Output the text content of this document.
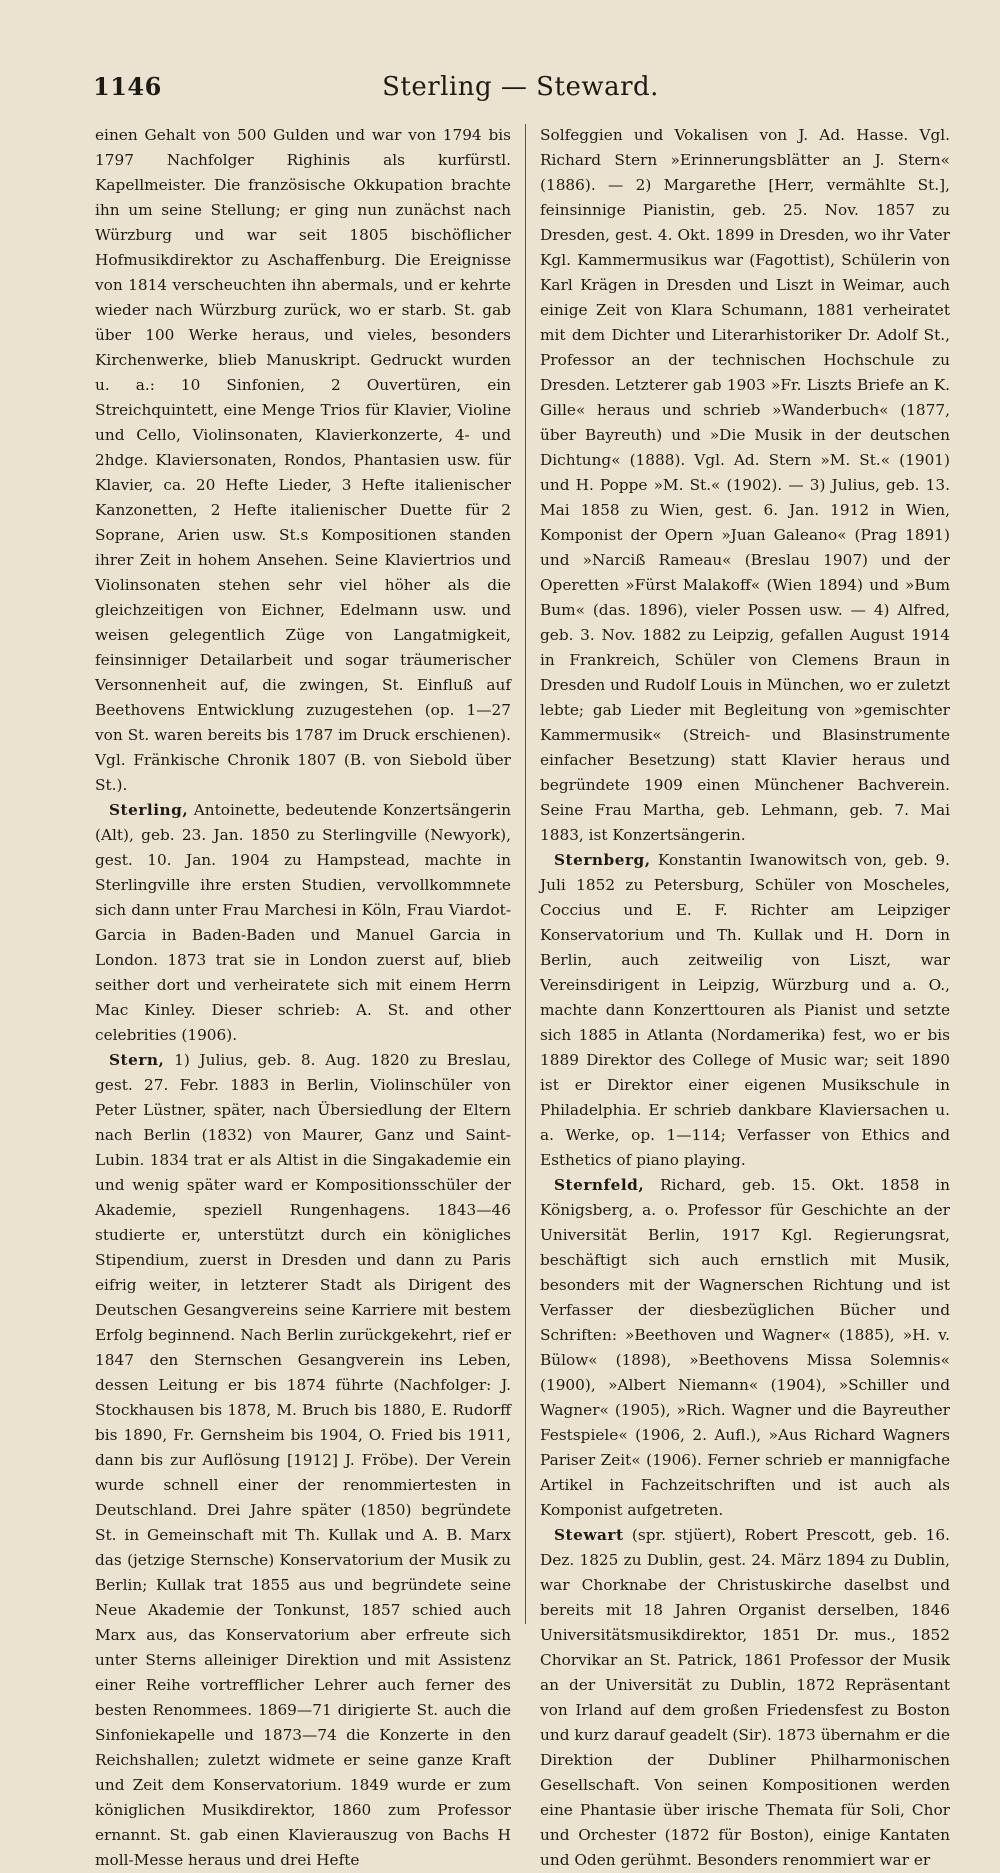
1146	Sterling — Steward.

einen Gehalt von 500 Gulden und war von 1794 bis 1797 Nachfolger Righinis als kurfürstl. Kapellmeister. Die französische Okkupation brachte ihn um seine Stellung; er ging nun zunächst nach Würzburg und war seit 1805 bischöflicher Hofmusikdirektor zu Aschaffenburg. Die Ereignisse von 1814 verscheuchten ihn abermals, und er kehrte wieder nach Würzburg zurück, wo er starb. St. gab über 100 Werke heraus, und vieles, besonders Kirchenwerke, blieb Manuskript. Gedruckt wurden u. a.: 10 Sinfonien, 2 Ouvertüren, ein Streichquintett, eine Menge Trios für Klavier, Violine und Cello, Violinsonaten, Klavierkonzerte, 4- und 2hdge. Klaviersonaten, Rondos, Phantasien usw. für Klavier, ca. 20 Hefte Lieder, 3 Hefte italienischer Kanzonetten, 2 Hefte italienischer Duette für 2 Soprane, Arien usw. St.s Kompositionen standen ihrer Zeit in hohem Ansehen. Seine Klaviertrios und Violinsonaten stehen sehr viel höher als die gleichzeitigen von Eichner, Edelmann usw. und weisen gelegentlich Züge von Langatmigkeit, feinsinniger Detailarbeit und sogar träumerischer Versonnenheit auf, die zwingen, St. Einfluß auf Beethovens Entwicklung zuzugestehen (op. 1—27 von St. waren bereits bis 1787 im Druck erschienen). Vgl. Fränkische Chronik 1807 (B. von Siebold über St.).

Sterling, Antoinette, bedeutende Konzertsängerin (Alt), geb. 23. Jan. 1850 zu Sterlingville (Newyork), gest. 10. Jan. 1904 zu Hampstead, machte in Sterlingville ihre ersten Studien, vervollkommnete sich dann unter Frau Marchesi in Köln, Frau Viardot-Garcia in Baden-Baden und Manuel Garcia in London. 1873 trat sie in London zuerst auf, blieb seither dort und verheiratete sich mit einem Herrn Mac Kinley. Dieser schrieb: A. St. and other celebrities (1906).

Stern, 1) Julius, geb. 8. Aug. 1820 zu Breslau, gest. 27. Febr. 1883 in Berlin, Violinschüler von Peter Lüstner, später, nach Übersiedlung der Eltern nach Berlin (1832) von Maurer, Ganz und Saint-Lubin. 1834 trat er als Altist in die Singakademie ein und wenig später ward er Kompositionsschüler der Akademie, speziell Rungenhagens. 1843—46 studierte er, unterstützt durch ein königliches Stipendium, zuerst in Dresden und dann zu Paris eifrig weiter, in letzterer Stadt als Dirigent des Deutschen Gesangvereins seine Karriere mit bestem Erfolg beginnend. Nach Berlin zurückgekehrt, rief er 1847 den Sternschen Gesangverein ins Leben, dessen Leitung er bis 1874 führte (Nachfolger: J. Stockhausen bis 1878, M. Bruch bis 1880, E. Rudorff bis 1890, Fr. Gernsheim bis 1904, O. Fried bis 1911, dann bis zur Auflösung [1912] J. Fröbe). Der Verein wurde schnell einer der renommiertesten in Deutschland. Drei Jahre später (1850) begründete St. in Gemeinschaft mit Th. Kullak und A. B. Marx das (jetzige Sternsche) Konservatorium der Musik zu Berlin; Kullak trat 1855 aus und begründete seine Neue Akademie der Tonkunst, 1857 schied auch Marx aus, das Konservatorium aber erfreute sich unter Sterns alleiniger Direktion und mit Assistenz einer Reihe vortrefflicher Lehrer auch ferner des besten Renommees. 1869—71 dirigierte St. auch die Sinfoniekapelle und 1873—74 die Konzerte in den Reichshallen; zuletzt widmete er seine ganze Kraft und Zeit dem Konservatorium. 1849 wurde er zum königlichen Musikdirektor, 1860 zum Professor ernannt. St. gab einen Klavierauszug von Bachs H moll-Messe heraus und drei Hefte

Solfeggien und Vokalisen von J. Ad. Hasse. Vgl. Richard Stern »Erinnerungsblätter an J. Stern« (1886). — 2) Margarethe [Herr, vermählte St.], feinsinnige Pianistin, geb. 25. Nov. 1857 zu Dresden, gest. 4. Okt. 1899 in Dresden, wo ihr Vater Kgl. Kammermusikus war (Fagottist), Schülerin von Karl Krägen in Dresden und Liszt in Weimar, auch einige Zeit von Klara Schumann, 1881 verheiratet mit dem Dichter und Literarhistoriker Dr. Adolf St., Professor an der technischen Hochschule zu Dresden. Letzterer gab 1903 »Fr. Liszts Briefe an K. Gille« heraus und schrieb »Wanderbuch« (1877, über Bayreuth) und »Die Musik in der deutschen Dichtung« (1888). Vgl. Ad. Stern »M. St.« (1901) und H. Poppe »M. St.« (1902). — 3) Julius, geb. 13. Mai 1858 zu Wien, gest. 6. Jan. 1912 in Wien, Komponist der Opern »Juan Galeano« (Prag 1891) und »Narciß Rameau« (Breslau 1907) und der Operetten »Fürst Malakoff« (Wien 1894) und »Bum Bum« (das. 1896), vieler Possen usw. — 4) Alfred, geb. 3. Nov. 1882 zu Leipzig, gefallen August 1914 in Frankreich, Schüler von Clemens Braun in Dresden und Rudolf Louis in München, wo er zuletzt lebte; gab Lieder mit Begleitung von »gemischter Kammermusik« (Streich- und Blasinstrumente einfacher Besetzung) statt Klavier heraus und begründete 1909 einen Münchener Bachverein. Seine Frau Martha, geb. Lehmann, geb. 7. Mai 1883, ist Konzertsängerin.

Sternberg, Konstantin Iwanowitsch von, geb. 9. Juli 1852 zu Petersburg, Schüler von Moscheles, Coccius und E. F. Richter am Leipziger Konservatorium und Th. Kullak und H. Dorn in Berlin, auch zeitweilig von Liszt, war Vereinsdirigent in Leipzig, Würzburg und a. O., machte dann Konzerttouren als Pianist und setzte sich 1885 in Atlanta (Nordamerika) fest, wo er bis 1889 Direktor des College of Music war; seit 1890 ist er Direktor einer eigenen Musikschule in Philadelphia. Er schrieb dankbare Klaviersachen u. a. Werke, op. 1—114; Verfasser von Ethics and Esthetics of piano playing.

Sternfeld, Richard, geb. 15. Okt. 1858 in Königsberg, a. o. Professor für Geschichte an der Universität Berlin, 1917 Kgl. Regierungsrat, beschäftigt sich auch ernstlich mit Musik, besonders mit der Wagnerschen Richtung und ist Verfasser der diesbezüglichen Bücher und Schriften: »Beethoven und Wagner« (1885), »H. v. Bülow« (1898), »Beethovens Missa Solemnis« (1900), »Albert Niemann« (1904), »Schiller und Wagner« (1905), »Rich. Wagner und die Bayreuther Festspiele« (1906, 2. Aufl.), »Aus Richard Wagners Pariser Zeit« (1906). Ferner schrieb er mannigfache Artikel in Fachzeitschriften und ist auch als Komponist aufgetreten.

Stewart (spr. stjüert), Robert Prescott, geb. 16. Dez. 1825 zu Dublin, gest. 24. März 1894 zu Dublin, war Chorknabe der Christuskirche daselbst und bereits mit 18 Jahren Organist derselben, 1846 Universitätsmusikdirektor, 1851 Dr. mus., 1852 Chorvikar an St. Patrick, 1861 Professor der Musik an der Universität zu Dublin, 1872 Repräsentant von Irland auf dem großen Friedensfest zu Boston und kurz darauf geadelt (Sir). 1873 übernahm er die Direktion der Dubliner Philharmonischen Gesellschaft. Von seinen Kompositionen werden eine Phantasie über irische Themata für Soli, Chor und Orchester (1872 für Boston), einige Kantaten und Oden gerühmt. Besonders renommiert war er
